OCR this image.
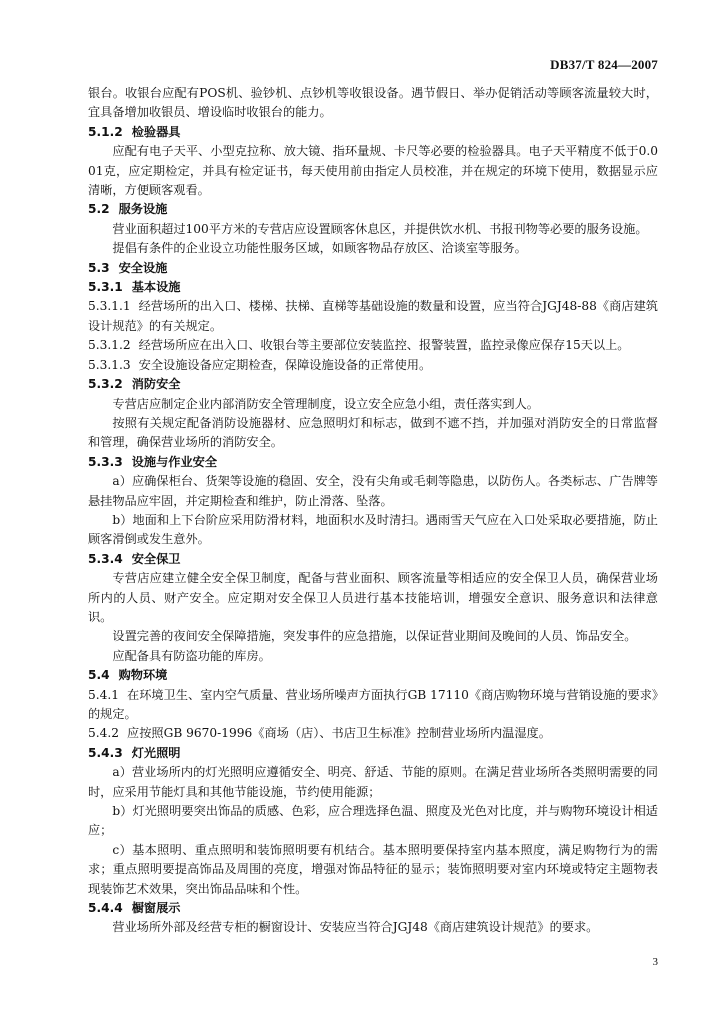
DB37/T 824—2007

银台。收银台应配有POS机、验钞机、点钞机等收银设备。遇节假日、举办促销活动等顾客流量较大时，宜具备增加收银员、增设临时收银台的能力。

5.1.2 检验器具

应配有电子天平、小型克拉称、放大镜、指环量规、卡尺等必要的检验器具。电子天平精度不低于0.001克，应定期检定，并具有检定证书，每天使用前由指定人员校准，并在规定的环境下使用，数据显示应清晰，方便顾客观看。

5.2 服务设施

营业面积超过100平方米的专营店应设置顾客休息区，并提供饮水机、书报刊物等必要的服务设施。

提倡有条件的企业设立功能性服务区域，如顾客物品存放区、洽谈室等服务。

5.3 安全设施

5.3.1 基本设施

5.3.1.1 经营场所的出入口、楼梯、扶梯、直梯等基础设施的数量和设置，应当符合JGJ48-88《商店建筑设计规范》的有关规定。

5.3.1.2 经营场所应在出入口、收银台等主要部位安装监控、报警装置，监控录像应保存15天以上。

5.3.1.3 安全设施设备应定期检查，保障设施设备的正常使用。

5.3.2 消防安全

专营店应制定企业内部消防安全管理制度，设立安全应急小组，责任落实到人。

按照有关规定配备消防设施器材、应急照明灯和标志，做到不遮不挡，并加强对消防安全的日常监督和管理，确保营业场所的消防安全。

5.3.3 设施与作业安全

a）应确保柜台、货架等设施的稳固、安全，没有尖角或毛刺等隐患，以防伤人。各类标志、广告牌等悬挂物品应牢固，并定期检查和维护，防止滑落、坠落。

b）地面和上下台阶应采用防滑材料，地面积水及时清扫。遇雨雪天气应在入口处采取必要措施，防止顾客滑倒或发生意外。

5.3.4 安全保卫

专营店应建立健全安全保卫制度，配备与营业面积、顾客流量等相适应的安全保卫人员，确保营业场所内的人员、财产安全。应定期对安全保卫人员进行基本技能培训，增强安全意识、服务意识和法律意识。

设置完善的夜间安全保障措施，突发事件的应急措施，以保证营业期间及晚间的人员、饰品安全。

应配备具有防盗功能的库房。

5.4 购物环境

5.4.1 在环境卫生、室内空气质量、营业场所噪声方面执行GB 17110《商店购物环境与营销设施的要求》的规定。

5.4.2 应按照GB 9670-1996《商场（店）、书店卫生标准》控制营业场所内温湿度。

5.4.3 灯光照明

a）营业场所内的灯光照明应遵循安全、明亮、舒适、节能的原则。在满足营业场所各类照明需要的同时，应采用节能灯具和其他节能设施，节约使用能源；

b）灯光照明要突出饰品的质感、色彩，应合理选择色温、照度及光色对比度，并与购物环境设计相适应；

c）基本照明、重点照明和装饰照明要有机结合。基本照明要保持室内基本照度，满足购物行为的需求；重点照明要提高饰品及周围的亮度，增强对饰品特征的显示；装饰照明要对室内环境或特定主题物表现装饰艺术效果，突出饰品品味和个性。

5.4.4 橱窗展示

营业场所外部及经营专柜的橱窗设计、安装应当符合JGJ48《商店建筑设计规范》的要求。

3
